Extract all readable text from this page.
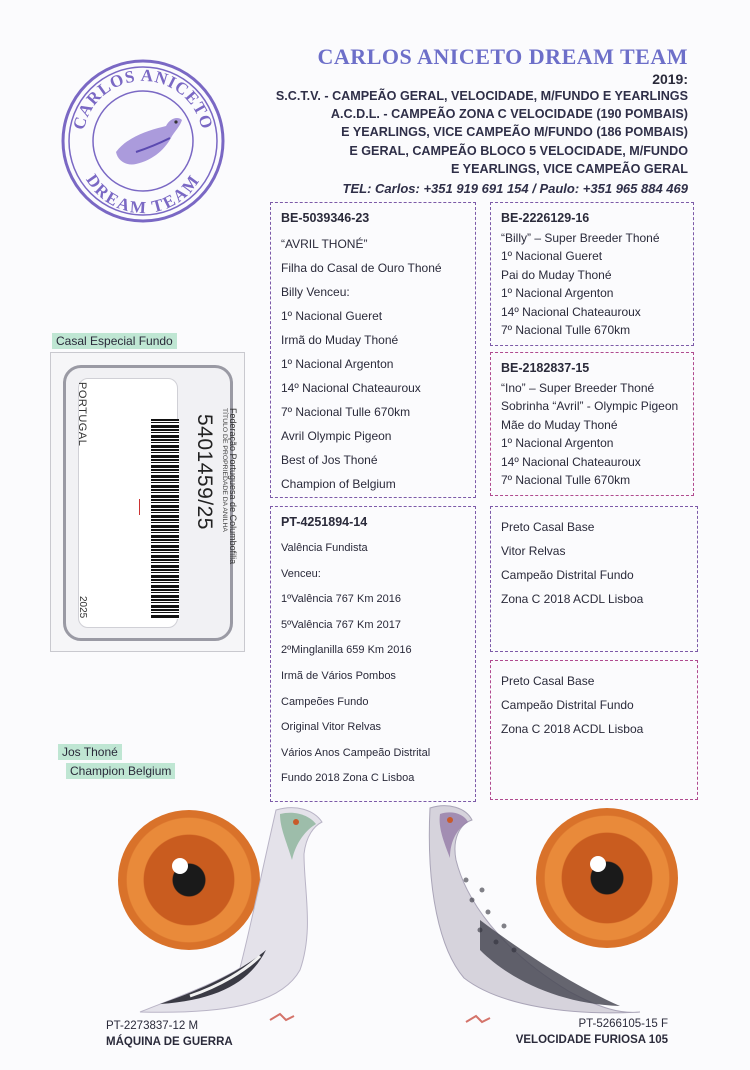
CARLOS ANICETO
DREAM TEAM
CARLOS ANICETO DREAM TEAM
2019:
S.C.T.V. - CAMPEÃO GERAL, VELOCIDADE, M/FUNDO E YEARLINGS
A.C.D.L. - CAMPEÃO ZONA C VELOCIDADE (190 POMBAIS)
E YEARLINGS, VICE CAMPEÃO M/FUNDO (186 POMBAIS)
E GERAL, CAMPEÃO BLOCO 5 VELOCIDADE, M/FUNDO
E YEARLINGS, VICE CAMPEÃO GERAL
TEL: Carlos: +351 919 691 154 / Paulo: +351 965 884 469
Casal Especial Fundo
Jos Thoné
Champion Belgium
PORTUGAL	5401459/25 Federação Portuguesa de Columbofilia
TÍTULO DE PROPRIEDADE DA ANILHA
2025
BE-5039346-23
“AVRIL THONÉ”
Filha do Casal de Ouro Thoné
Billy Venceu:
1º Nacional Gueret
Irmã do Muday Thoné
1º Nacional Argenton
14º Nacional Chateauroux
7º Nacional Tulle 670km
Avril Olympic Pigeon
Best of Jos Thoné
Champion of Belgium
BE-2226129-16
“Billy” – Super Breeder Thoné
1º Nacional Gueret
Pai do Muday Thoné
1º Nacional Argenton
14º Nacional Chateauroux
7º Nacional Tulle 670km
BE-2182837-15
“Ino” – Super Breeder Thoné
Sobrinha “Avril” - Olympic Pigeon
Mãe do Muday Thoné
1º Nacional Argenton
14º Nacional Chateauroux
7º Nacional Tulle 670km
PT-4251894-14
Valência Fundista
Venceu:
1ºValência 767 Km 2016
5ºValência 767 Km 2017
2ºMinglanilla 659 Km 2016
Irmã de Vários Pombos
Campeões Fundo
Original Vitor Relvas
Vários Anos Campeão Distrital
Fundo 2018 Zona C Lisboa
Preto Casal Base
Vitor Relvas
Campeão Distrital Fundo
Zona C 2018 ACDL Lisboa
Preto Casal Base
Campeão Distrital Fundo
Zona C 2018 ACDL Lisboa
PT-2273837-12 M
MÁQUINA DE GUERRA
PT-5266105-15 F
VELOCIDADE FURIOSA 105
